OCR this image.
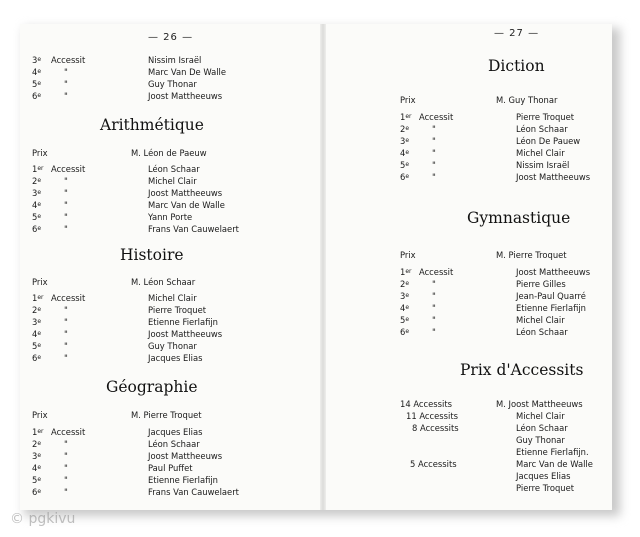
— 26 —
3e Accessit	Nissim Israël
4e	"	Marc Van De Walle
5e	"	Guy Thonar
6e	"	Joost Mattheeuws
Arithmétique
Prix	M. Léon de Paeuw
1er Accessit	Léon Schaar
2e	"	Michel Clair
3e	"	Joost Mattheeuws
4e	"	Marc Van de Walle
5e	"	Yann Porte
6e	"	Frans Van Cauwelaert
Histoire
Prix	M. Léon Schaar
1er Accessit	Michel Clair
2e	"	Pierre Troquet
3e	"	Etienne Fierlafijn
4e	"	Joost Mattheeuws
5e	"	Guy Thonar
6e	"	Jacques Elias
Géographie
Prix	M. Pierre Troquet
1er Accessit	Jacques Elias
2e	"	Léon Schaar
3e	"	Joost Mattheeuws
4e	"	Paul Puffet
5e	"	Etienne Fierlafijn
6e	"	Frans Van Cauwelaert
— 27 —
Diction
Prix	M. Guy Thonar
1er Accessit	Pierre Troquet
2e	"	Léon Schaar
3e	"	Léon De Pauew
4e	"	Michel Clair
5e	"	Nissim Israël
6e	"	Joost Mattheeuws
Gymnastique
Prix	M. Pierre Troquet
1er Accessit	Joost Mattheeuws
2e	"	Pierre Gilles
3e	"	Jean-Paul Quarré
4e	"	Etienne Fierlafijn
5e	"	Michel Clair
6e	"	Léon Schaar
Prix d'Accessits
14 Accessits	M. Joost Mattheeuws
11 Accessits	Michel Clair
8 Accessits	Léon Schaar
Guy Thonar
Etienne Fierlafijn.
5 Accessits	Marc Van de Walle
Jacques Elias
Pierre Troquet
© pgkivu
